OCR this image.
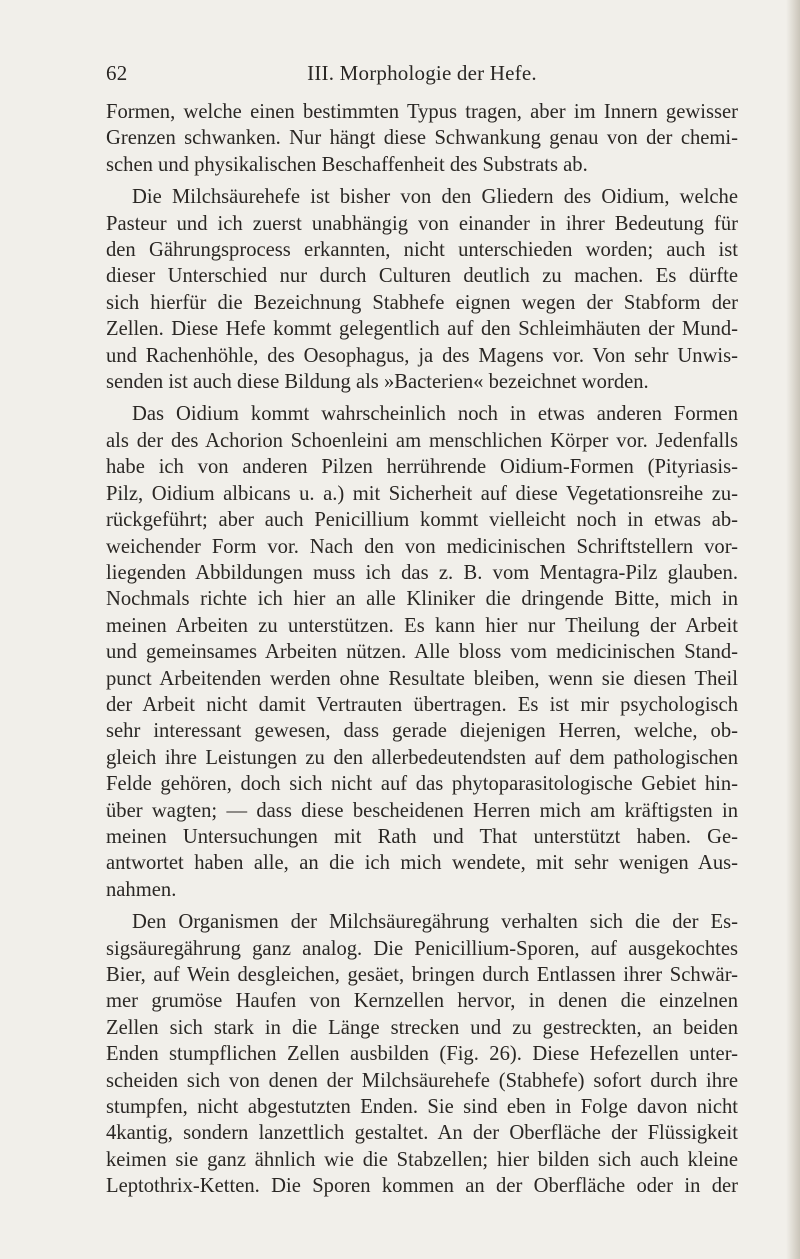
62	III. Morphologie der Hefe.
Formen, welche einen bestimmten Typus tragen, aber im Innern gewisser
Grenzen schwanken. Nur hängt diese Schwankung genau von der chemi-
schen und physikalischen Beschaffenheit des Substrats ab.
Die Milchsäurehefe ist bisher von den Gliedern des Oidium, welche
Pasteur und ich zuerst unabhängig von einander in ihrer Bedeutung für
den Gährungsprocess erkannten, nicht unterschieden worden; auch ist
dieser Unterschied nur durch Culturen deutlich zu machen. Es dürfte
sich hierfür die Bezeichnung Stabhefe eignen wegen der Stabform der
Zellen. Diese Hefe kommt gelegentlich auf den Schleimhäuten der Mund-
und Rachenhöhle, des Oesophagus, ja des Magens vor. Von sehr Unwis-
senden ist auch diese Bildung als »Bacterien« bezeichnet worden.
Das Oidium kommt wahrscheinlich noch in etwas anderen Formen
als der des Achorion Schoenleini am menschlichen Körper vor. Jedenfalls
habe ich von anderen Pilzen herrührende Oidium-Formen (Pityriasis-
Pilz, Oidium albicans u. a.) mit Sicherheit auf diese Vegetationsreihe zu-
rückgeführt; aber auch Penicillium kommt vielleicht noch in etwas ab-
weichender Form vor. Nach den von medicinischen Schriftstellern vor-
liegenden Abbildungen muss ich das z. B. vom Mentagra-Pilz glauben.
Nochmals richte ich hier an alle Kliniker die dringende Bitte, mich in
meinen Arbeiten zu unterstützen. Es kann hier nur Theilung der Arbeit
und gemeinsames Arbeiten nützen. Alle bloss vom medicinischen Stand-
punct Arbeitenden werden ohne Resultate bleiben, wenn sie diesen Theil
der Arbeit nicht damit Vertrauten übertragen. Es ist mir psychologisch
sehr interessant gewesen, dass gerade diejenigen Herren, welche, ob-
gleich ihre Leistungen zu den allerbedeutendsten auf dem pathologischen
Felde gehören, doch sich nicht auf das phytoparasitologische Gebiet hin-
über wagten; — dass diese bescheidenen Herren mich am kräftigsten in
meinen Untersuchungen mit Rath und That unterstützt haben. Ge-
antwortet haben alle, an die ich mich wendete, mit sehr wenigen Aus-
nahmen.
Den Organismen der Milchsäuregährung verhalten sich die der Es-
sigsäuregährung ganz analog. Die Penicillium-Sporen, auf ausgekochtes
Bier, auf Wein desgleichen, gesäet, bringen durch Entlassen ihrer Schwär-
mer grumöse Haufen von Kernzellen hervor, in denen die einzelnen
Zellen sich stark in die Länge strecken und zu gestreckten, an beiden
Enden stumpflichen Zellen ausbilden (Fig. 26). Diese Hefezellen unter-
scheiden sich von denen der Milchsäurehefe (Stabhefe) sofort durch ihre
stumpfen, nicht abgestutzten Enden. Sie sind eben in Folge davon nicht
4kantig, sondern lanzettlich gestaltet. An der Oberfläche der Flüssigkeit
keimen sie ganz ähnlich wie die Stabzellen; hier bilden sich auch kleine
Leptothrix-Ketten. Die Sporen kommen an der Oberfläche oder in der
